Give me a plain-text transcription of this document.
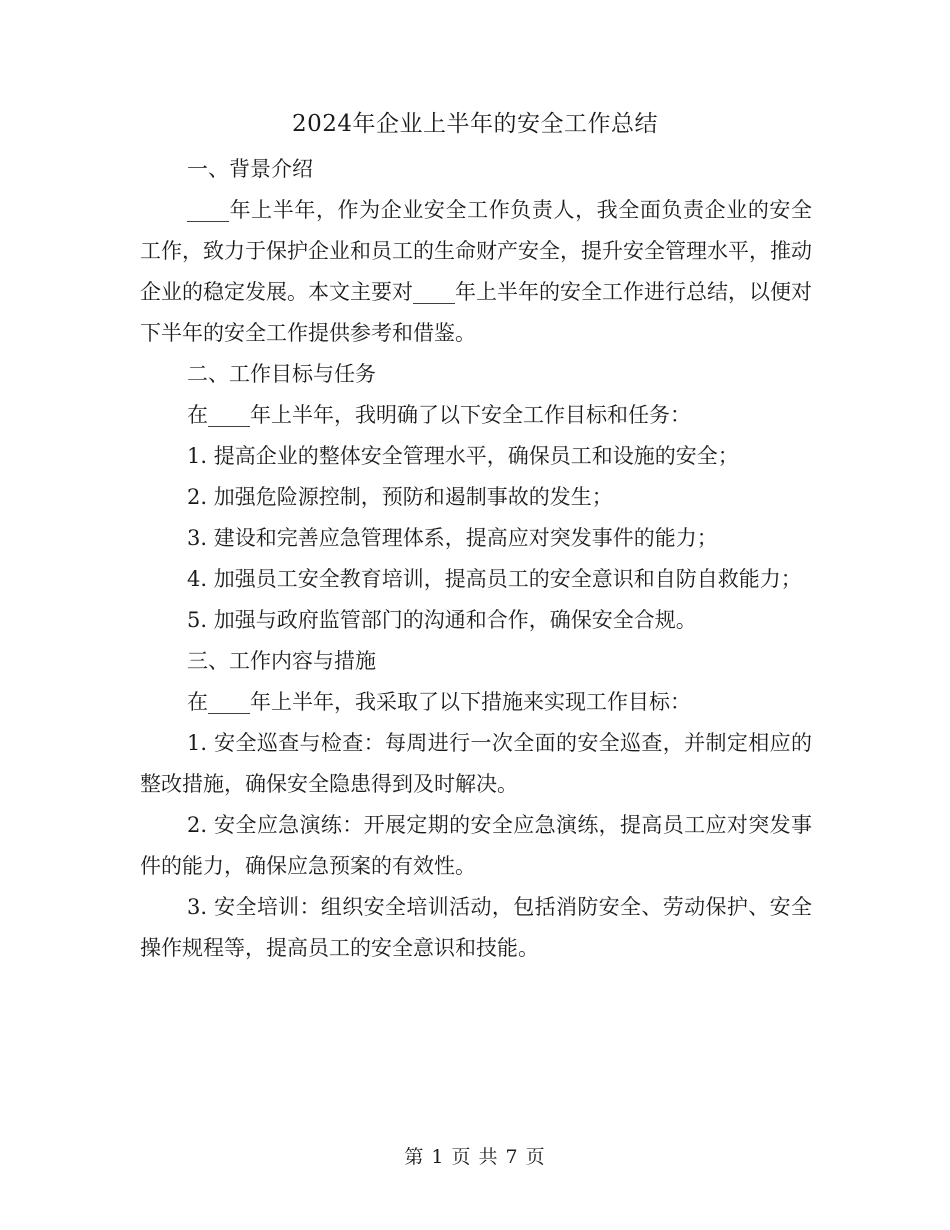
2024年企业上半年的安全工作总结

一、背景介绍

____年上半年，作为企业安全工作负责人，我全面负责企业的安全工作，致力于保护企业和员工的生命财产安全，提升安全管理水平，推动企业的稳定发展。本文主要对____年上半年的安全工作进行总结，以便对下半年的安全工作提供参考和借鉴。

二、工作目标与任务

在____年上半年，我明确了以下安全工作目标和任务：

1. 提高企业的整体安全管理水平，确保员工和设施的安全；

2. 加强危险源控制，预防和遏制事故的发生；

3. 建设和完善应急管理体系，提高应对突发事件的能力；

4. 加强员工安全教育培训，提高员工的安全意识和自防自救能力；

5. 加强与政府监管部门的沟通和合作，确保安全合规。

三、工作内容与措施

在____年上半年，我采取了以下措施来实现工作目标：

1. 安全巡查与检查：每周进行一次全面的安全巡查，并制定相应的整改措施，确保安全隐患得到及时解决。

2. 安全应急演练：开展定期的安全应急演练，提高员工应对突发事件的能力，确保应急预案的有效性。

3. 安全培训：组织安全培训活动，包括消防安全、劳动保护、安全操作规程等，提高员工的安全意识和技能。

第 1 页 共 7 页
